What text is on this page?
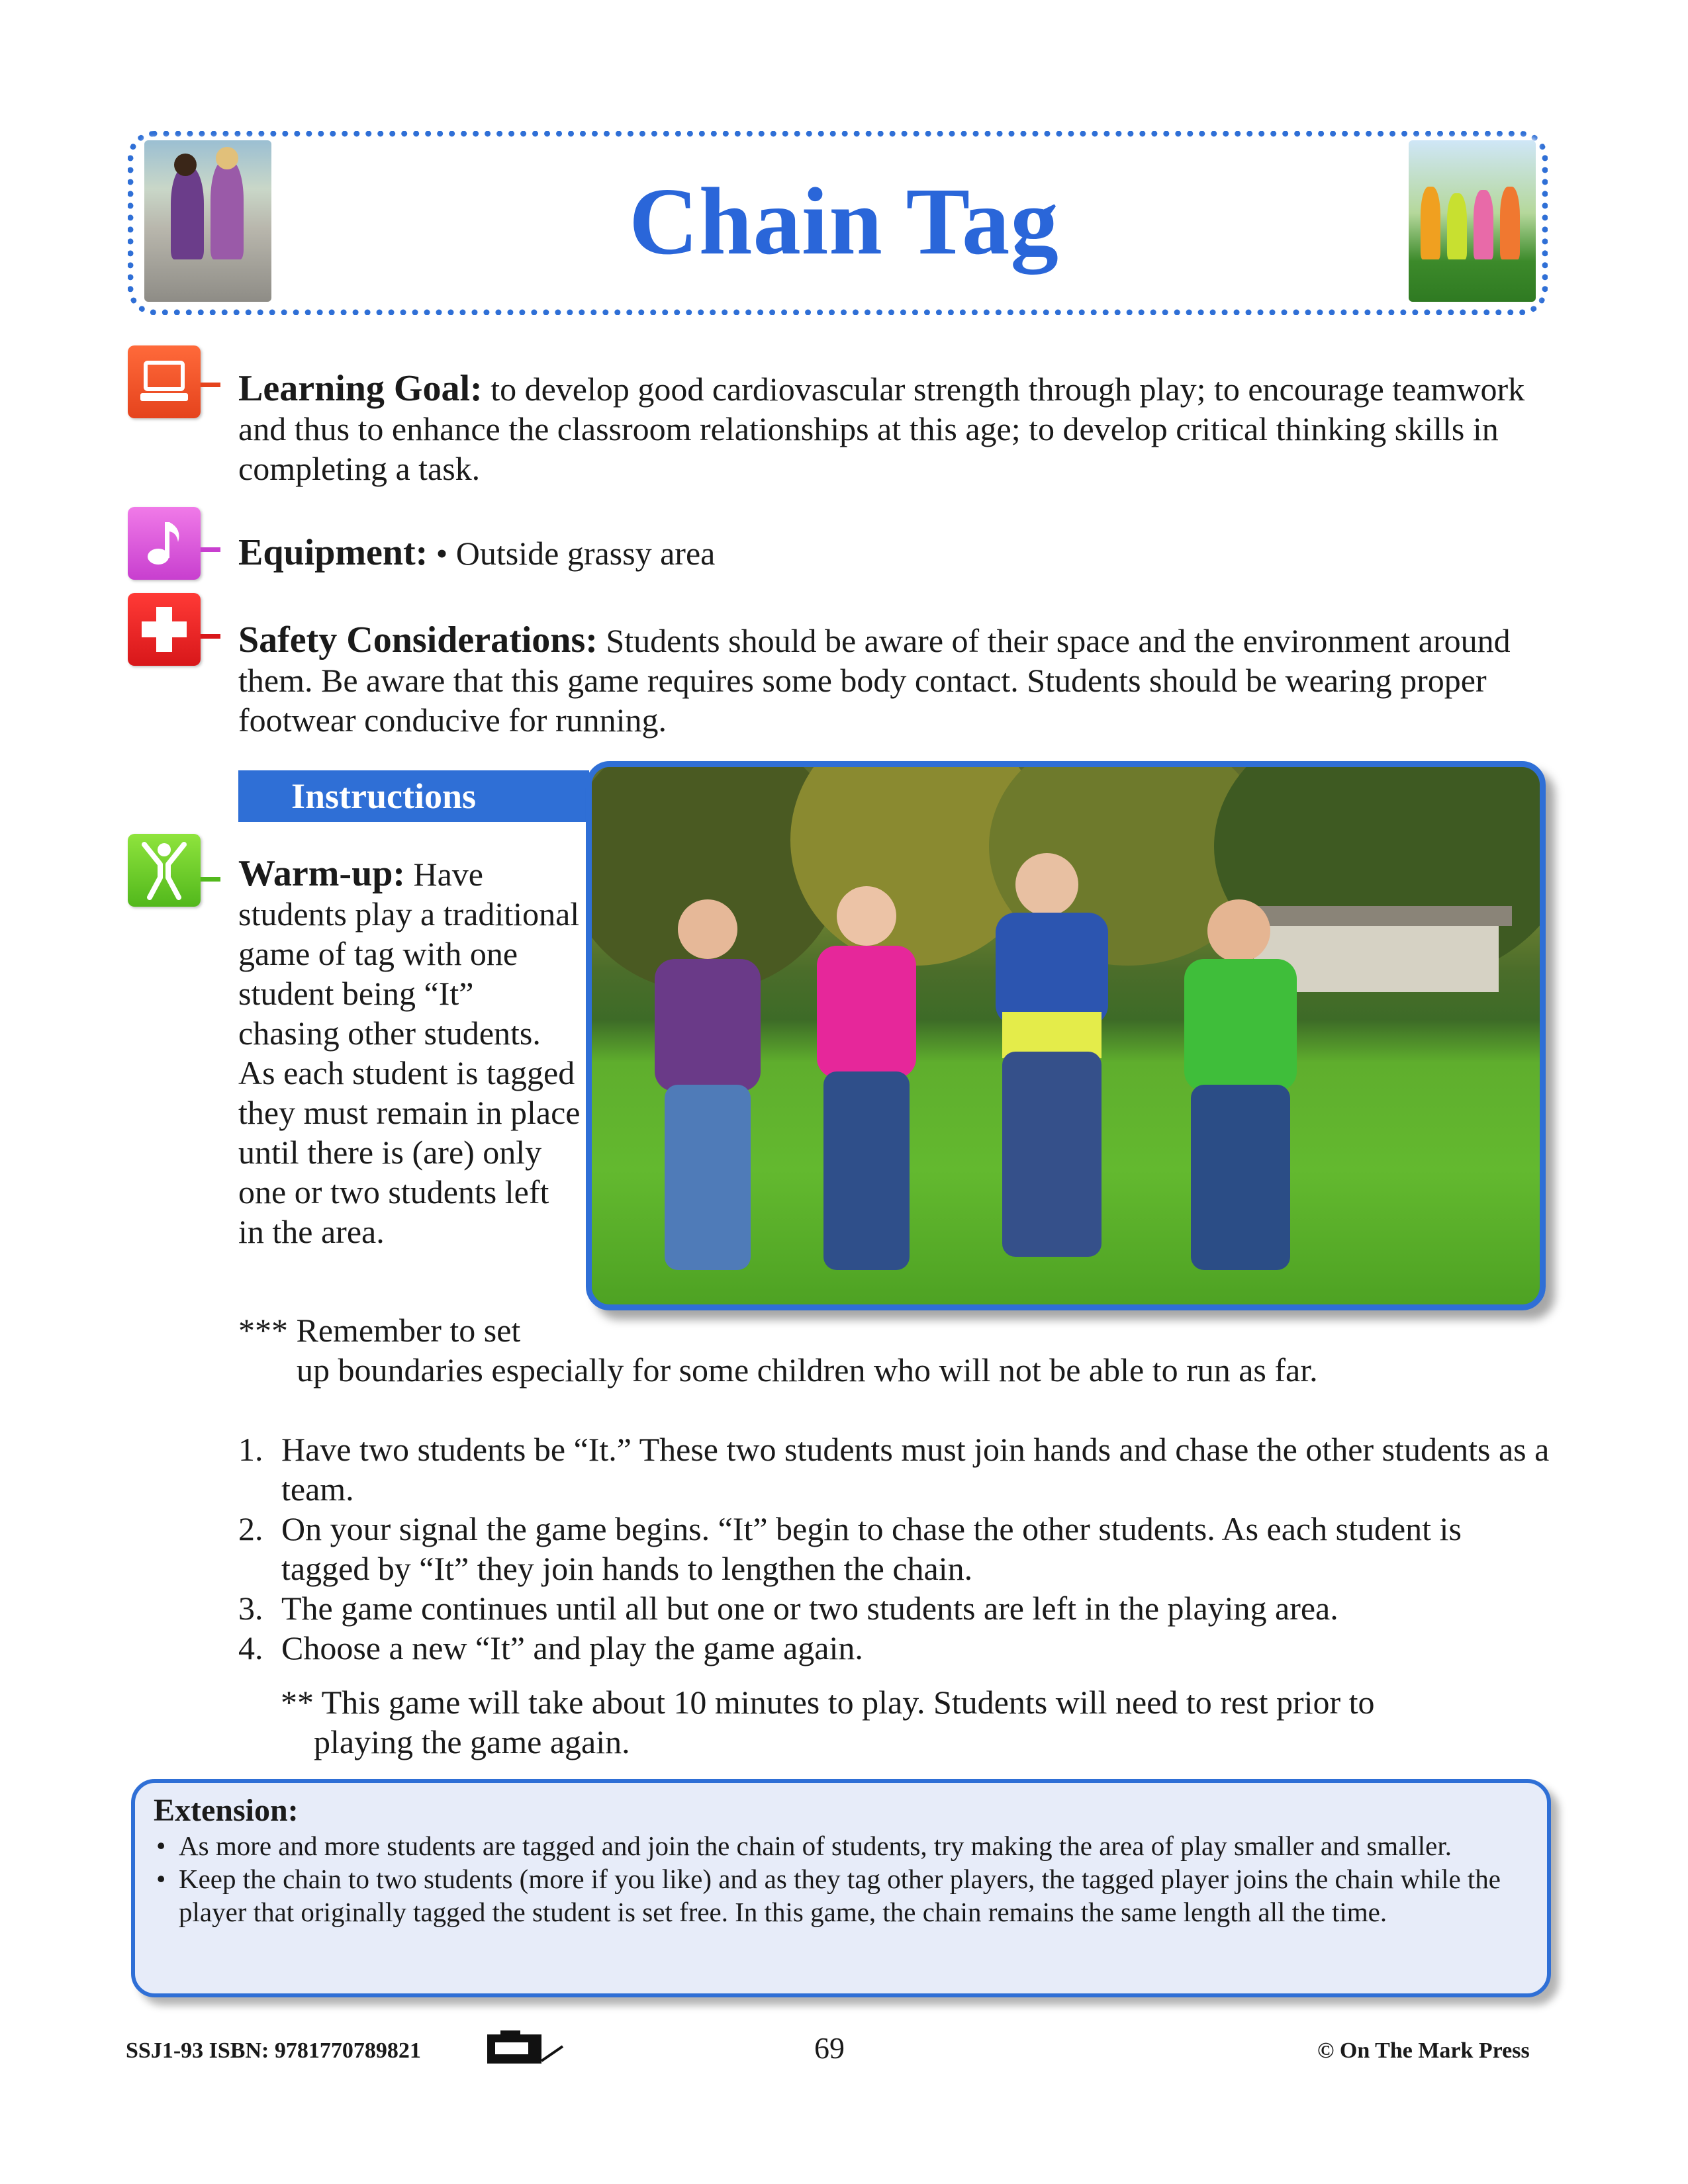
Chain Tag
Learning Goal: to develop good cardiovascular strength through play; to encourage teamwork and thus to enhance the classroom relationships at this age; to develop critical thinking skills in completing a task.
Equipment: • Outside grassy area
Safety Considerations: Students should be aware of their space and the environment around them. Be aware that this game requires some body contact. Students should be wearing proper footwear conducive for running.
Instructions
Warm-up: Have students play a traditional game of tag with one student being “It” chasing other students. As each student is tagged they must remain in place until there is (are) only one or two students left in the area.
*** Remember to set
up boundaries especially for some children who will not be able to run as far.
1. Have two students be “It.” These two students must join hands and chase the other students as a team.
2. On your signal the game begins. “It” begin to chase the other students. As each student is tagged by “It” they join hands to lengthen the chain.
3. The game continues until all but one or two students are left in the playing area.
4. Choose a new “It” and play the game again.
** This game will take about 10 minutes to play. Students will need to rest prior to
playing the game again.
Extension:
• As more and more students are tagged and join the chain of students, try making the area of play smaller and smaller.
• Keep the chain to two students (more if you like) and as they tag other players, the tagged player joins the chain while the player that originally tagged the student is set free. In this game, the chain remains the same length all the time.
SSJ1-93 ISBN: 9781770789821	69	© On The Mark Press
